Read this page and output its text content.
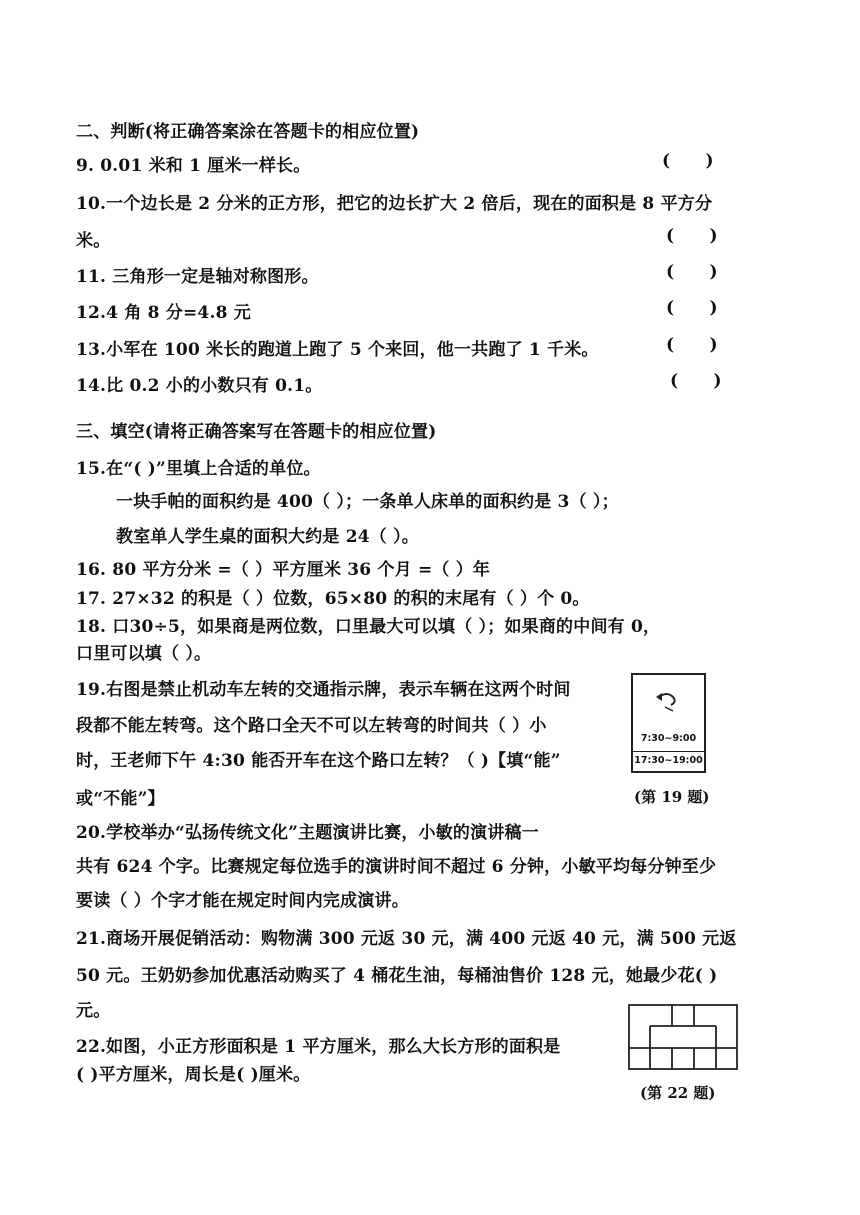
二、判断(将正确答案涂在答题卡的相应位置)
9. 0.01 米和 1 厘米一样长。	(      )
10.一个边长是 2 分米的正方形，把它的边长扩大 2 倍后，现在的面积是 8 平方分
米。	(      )
11. 三角形一定是轴对称图形。	(      )
12.4 角 8 分=4.8 元	(      )
13.小军在 100 米长的跑道上跑了 5 个来回，他一共跑了 1 千米。	(      )
14.比 0.2 小的小数只有 0.1。	(      )
三、填空(请将正确答案写在答题卡的相应位置)
15.在“( )”里填上合适的单位。
一块手帕的面积约是 400（ ）；一条单人床单的面积约是 3（ ）；
教室单人学生桌的面积大约是 24（ ）。
16. 80 平方分米 =（ ）平方厘米 36 个月 =（ ）年
17. 27×32 的积是（ ）位数，65×80 的积的末尾有（ ）个 0。
18. 口30÷5，如果商是两位数，口里最大可以填（ ）；如果商的中间有 0，
口里可以填（ ）。
19.右图是禁止机动车左转的交通指示牌，表示车辆在这两个时间
段都不能左转弯。这个路口全天不可以左转弯的时间共（ ）小
时，王老师下午 4:30 能否开车在这个路口左转？（ )【填“能”
或“不能”】
7:30~9:00
17:30~19:00
(第 19 题)
20.学校举办“弘扬传统文化”主题演讲比赛，小敏的演讲稿一
共有 624 个字。比赛规定每位选手的演讲时间不超过 6 分钟，小敏平均每分钟至少
要读（ ）个字才能在规定时间内完成演讲。
21.商场开展促销活动：购物满 300 元返 30 元，满 400 元返 40 元，满 500 元返
50 元。王奶奶参加优惠活动购买了 4 桶花生油，每桶油售价 128 元，她最少花( )
元。
22.如图，小正方形面积是 1 平方厘米，那么大长方形的面积是
( )平方厘米，周长是( )厘米。
(第 22 题)
